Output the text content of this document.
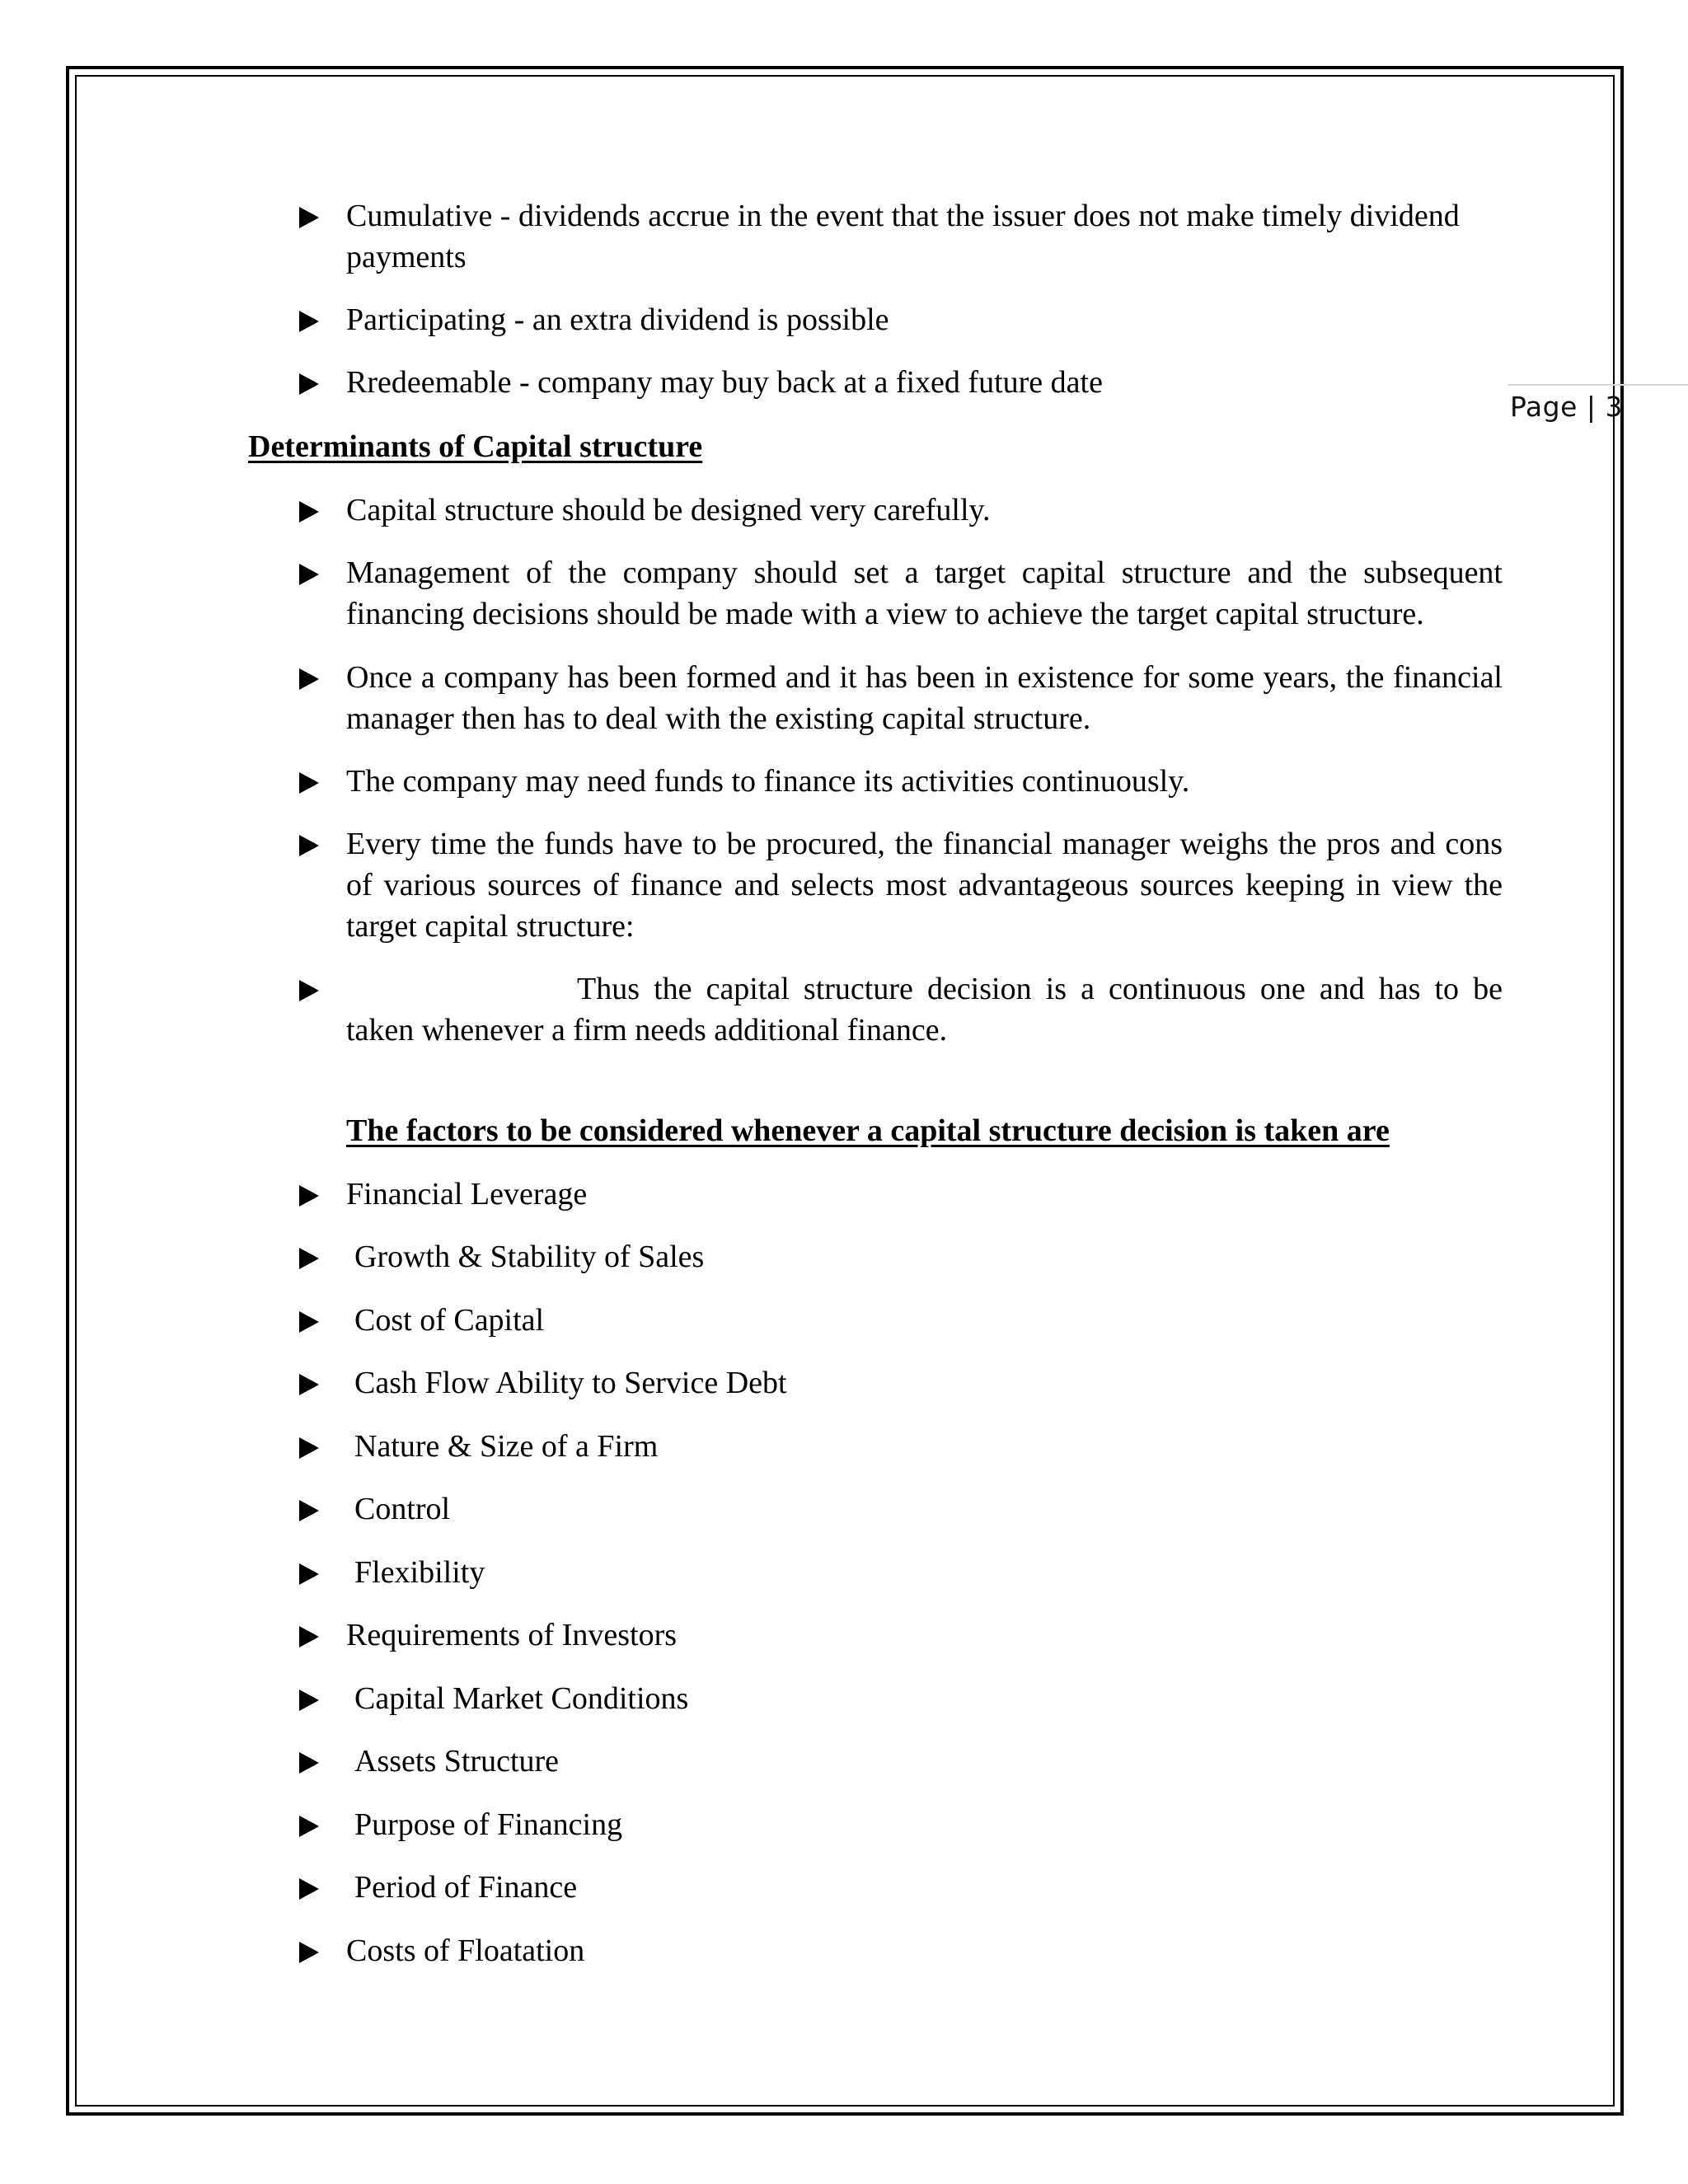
Page | 3
Cumulative - dividends accrue in the event that the issuer does not make timely dividend payments
Participating - an extra dividend is possible
Rredeemable - company may buy back at a fixed future date
Determinants of Capital structure
Capital structure should be designed very carefully.
Management of the company should set a target capital structure and the subsequent financing decisions should be made with a view to achieve the target capital structure.
Once a company has been formed and it has been in existence for some years, the financial manager then has to deal with the existing capital structure.
The company may need funds to finance its activities continuously.
Every time the funds have to be procured, the financial manager weighs the pros and cons of various sources of finance and selects most advantageous sources keeping in view the target capital structure:
Thus the capital structure decision is a continuous one and has to be taken whenever a firm needs additional finance.
The factors to be considered whenever a capital structure decision is taken are
Financial Leverage
Growth & Stability of Sales
Cost of Capital
Cash Flow Ability to Service Debt
Nature & Size of a Firm
Control
Flexibility
Requirements of Investors
Capital Market Conditions
Assets Structure
Purpose of Financing
Period of Finance
Costs of Floatation
